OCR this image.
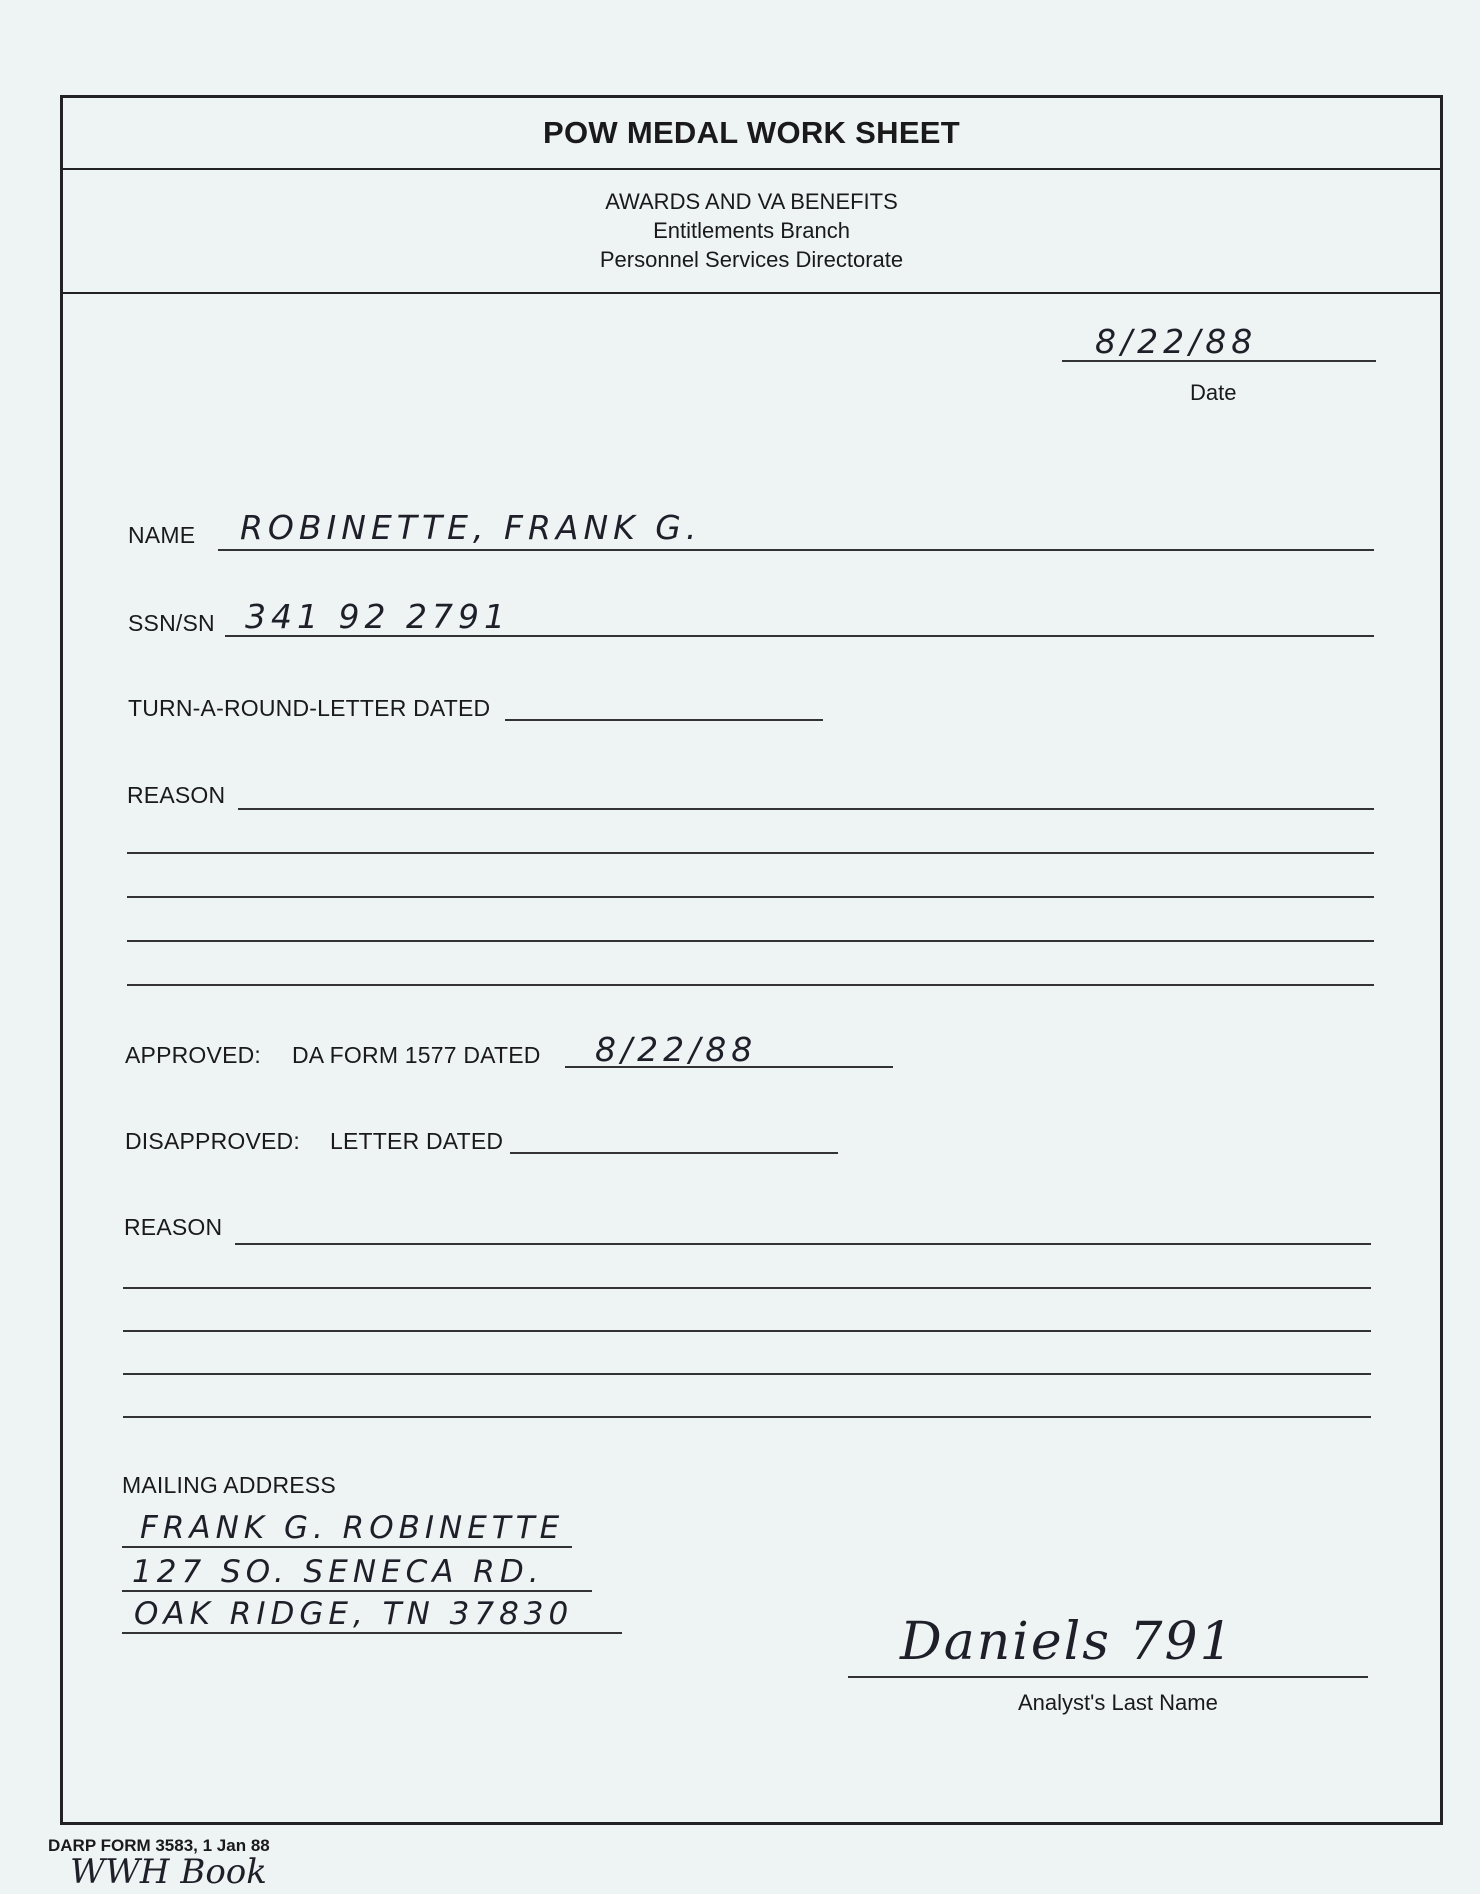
POW MEDAL WORK SHEET
AWARDS AND VA BENEFITS
Entitlements Branch
Personnel Services Directorate
8/22/88
Date
NAME ROBINETTE, FRANK G.
SSN/SN 341 92 2791
TURN-A-ROUND-LETTER DATED
REASON
APPROVED: DA FORM 1577 DATED 8/22/88
DISAPPROVED: LETTER DATED
REASON
MAILING ADDRESS
FRANK G. ROBINETTE
127 SO. SENECA RD.
OAK RIDGE, TN 37830	Daniels 791
Analyst's Last Name
DARP FORM 3583, 1 Jan 88
WWH Book
